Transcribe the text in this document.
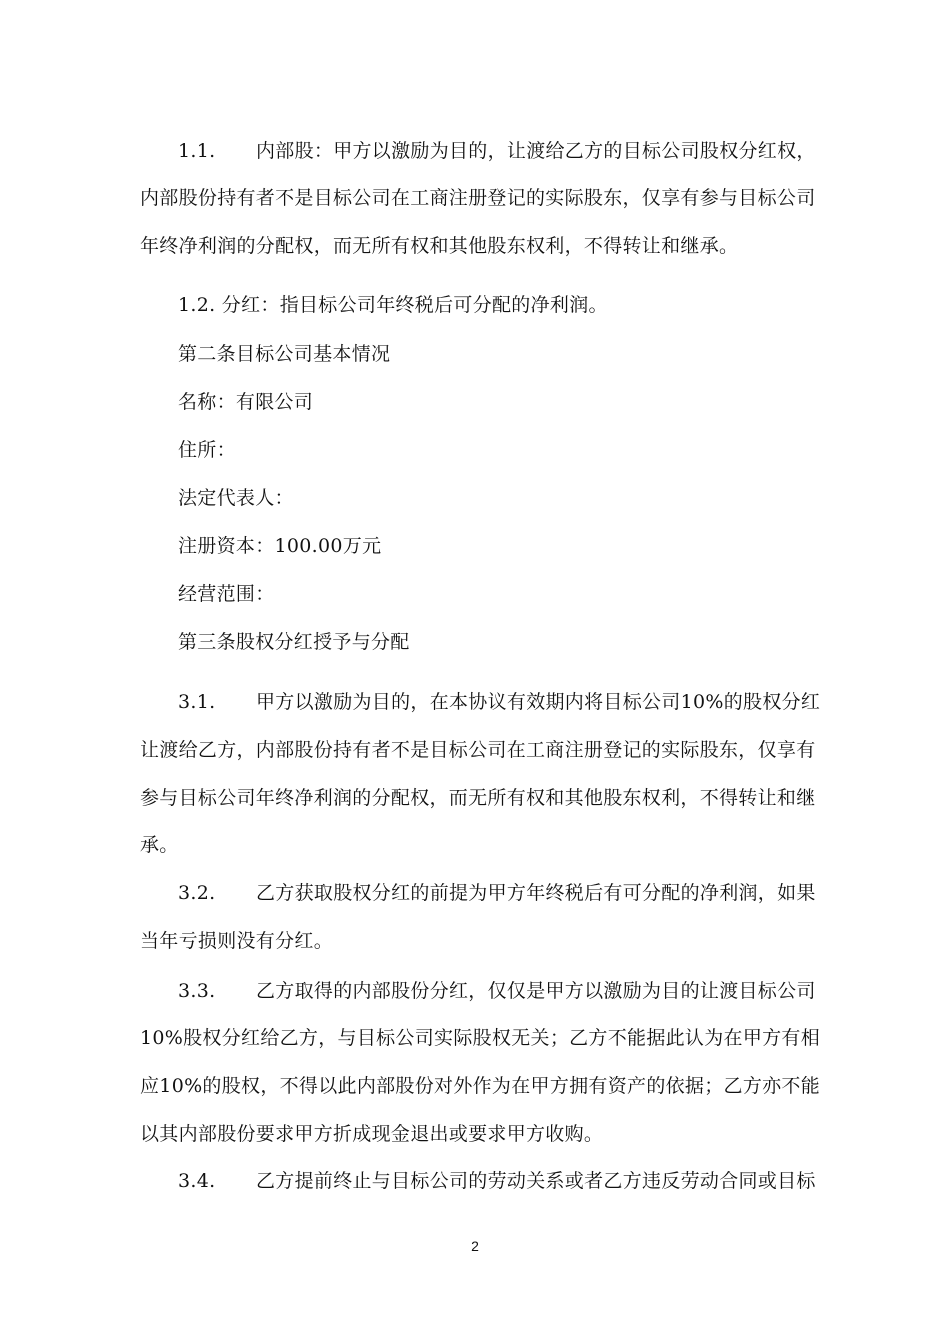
1.1. 内部股：甲方以激励为目的，让渡给乙方的目标公司股权分红权，
内部股份持有者不是目标公司在工商注册登记的实际股东，仅享有参与目标公司
年终净利润的分配权，而无所有权和其他股东权利，不得转让和继承。
1.2. 分红：指目标公司年终税后可分配的净利润。
第二条目标公司基本情况
名称：有限公司
住所：
法定代表人：
注册资本：100.00万元
经营范围：
第三条股权分红授予与分配
3.1. 甲方以激励为目的，在本协议有效期内将目标公司10%的股权分红
让渡给乙方，内部股份持有者不是目标公司在工商注册登记的实际股东，仅享有
参与目标公司年终净利润的分配权，而无所有权和其他股东权利，不得转让和继
承。
3.2. 乙方获取股权分红的前提为甲方年终税后有可分配的净利润，如果
当年亏损则没有分红。
3.3. 乙方取得的内部股份分红，仅仅是甲方以激励为目的让渡目标公司
10%股权分红给乙方，与目标公司实际股权无关；乙方不能据此认为在甲方有相
应10%的股权，不得以此内部股份对外作为在甲方拥有资产的依据；乙方亦不能
以其内部股份要求甲方折成现金退出或要求甲方收购。
3.4. 乙方提前终止与目标公司的劳动关系或者乙方违反劳动合同或目标
2
